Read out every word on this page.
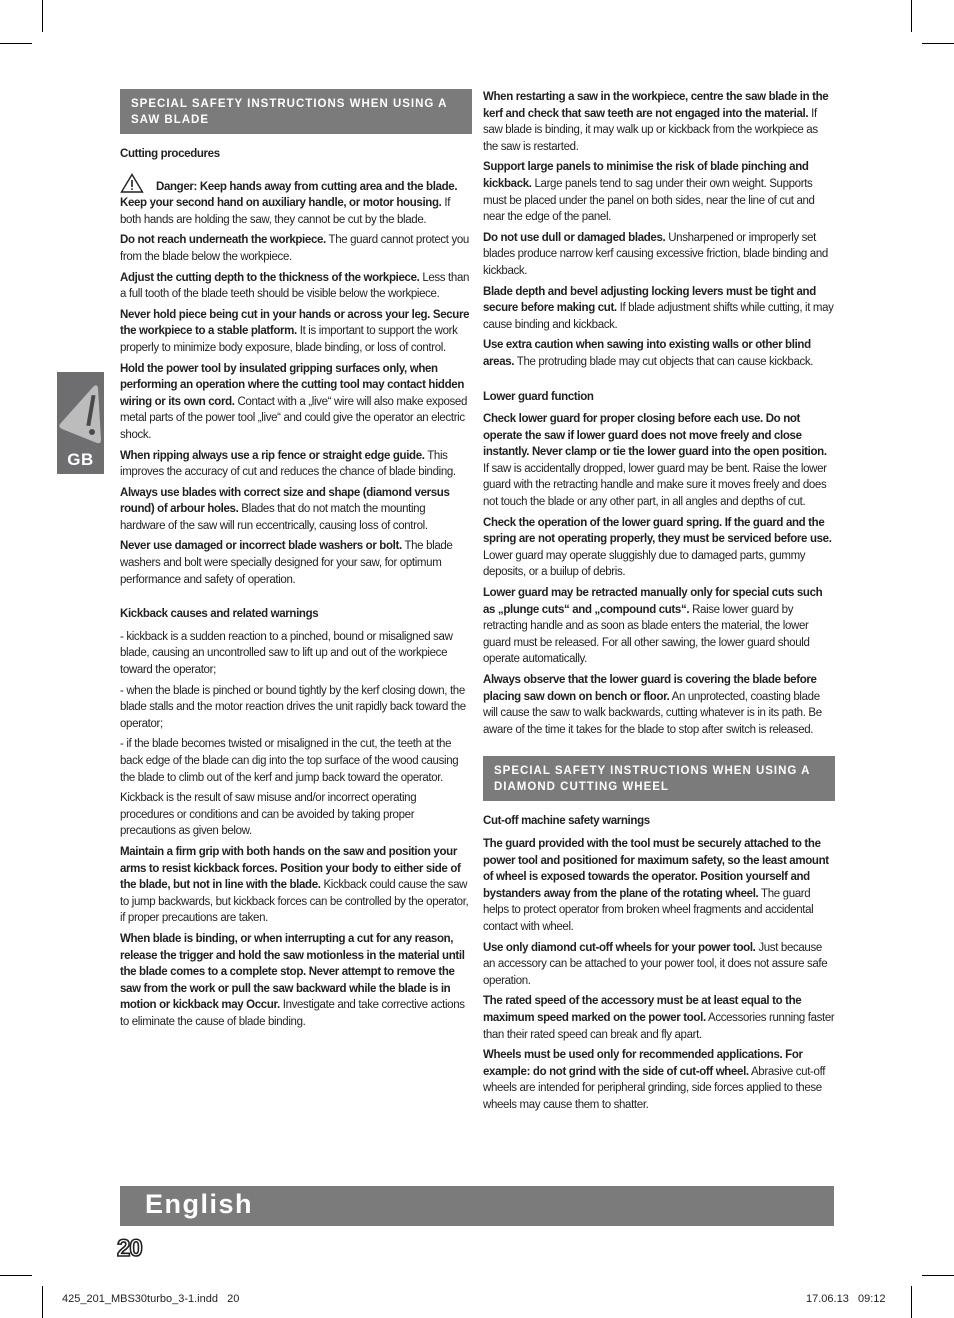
GB
SPECIAL SAFETY INSTRUCTIONS WHEN USING A SAW BLADE
Cutting procedures

Danger: Keep hands away from cutting area and the blade. Keep your second hand on auxiliary handle, or motor housing. If both hands are holding the saw, they cannot be cut by the blade.

Do not reach underneath the workpiece. The guard cannot protect you from the blade below the workpiece.

Adjust the cutting depth to the thickness of the workpiece. Less than a full tooth of the blade teeth should be visible below the workpiece.

Never hold piece being cut in your hands or across your leg. Secure the workpiece to a stable platform. It is important to support the work properly to minimize body exposure, blade binding, or loss of control.

Hold the power tool by insulated gripping surfaces only, when performing an operation where the cutting tool may contact hidden wiring or its own cord. Contact with a „live“ wire will also make exposed metal parts of the power tool „live“ and could give the operator an electric shock.

When ripping always use a rip fence or straight edge guide. This improves the accuracy of cut and reduces the chance of blade binding.

Always use blades with correct size and shape (diamond versus round) of arbour holes. Blades that do not match the mounting hardware of the saw will run eccentrically, causing loss of control.

Never use damaged or incorrect blade washers or bolt. The blade washers and bolt were specially designed for your saw, for optimum performance and safety of operation.

Kickback causes and related warnings

- kickback is a sudden reaction to a pinched, bound or misaligned saw blade, causing an uncontrolled saw to lift up and out of the workpiece toward the operator;

- when the blade is pinched or bound tightly by the kerf closing down, the blade stalls and the motor reaction drives the unit rapidly back toward the operator;

- if the blade becomes twisted or misaligned in the cut, the teeth at the back edge of the blade can dig into the top surface of the wood causing the blade to climb out of the kerf and jump back toward the operator.

Kickback is the result of saw misuse and/or incorrect operating procedures or conditions and can be avoided by taking proper precautions as given below.

Maintain a firm grip with both hands on the saw and position your arms to resist kickback forces. Position your body to either side of the blade, but not in line with the blade. Kickback could cause the saw to jump backwards, but kickback forces can be controlled by the operator, if proper precautions are taken.

When blade is binding, or when interrupting a cut for any reason, release the trigger and hold the saw motionless in the material until the blade comes to a complete stop. Never attempt to remove the saw from the work or pull the saw backward while the blade is in motion or kickback may Occur. Investigate and take corrective actions to eliminate the cause of blade binding.

When restarting a saw in the workpiece, centre the saw blade in the kerf and check that saw teeth are not engaged into the material. If saw blade is binding, it may walk up or kickback from the workpiece as the saw is restarted.

Support large panels to minimise the risk of blade pinching and kickback. Large panels tend to sag under their own weight. Supports must be placed under the panel on both sides, near the line of cut and near the edge of the panel.

Do not use dull or damaged blades. Unsharpened or improperly set blades produce narrow kerf causing excessive friction, blade binding and kickback.

Blade depth and bevel adjusting locking levers must be tight and secure before making cut. If blade adjustment shifts while cutting, it may cause binding and kickback.

Use extra caution when sawing into existing walls or other blind areas. The protruding blade may cut objects that can cause kickback.

Lower guard function

Check lower guard for proper closing before each use. Do not operate the saw if lower guard does not move freely and close instantly. Never clamp or tie the lower guard into the open position. If saw is accidentally dropped, lower guard may be bent. Raise the lower guard with the retracting handle and make sure it moves freely and does not touch the blade or any other part, in all angles and depths of cut.

Check the operation of the lower guard spring. If the guard and the spring are not operating properly, they must be serviced before use. Lower guard may operate sluggishly due to damaged parts, gummy deposits, or a builup of debris.

Lower guard may be retracted manually only for special cuts such as „plunge cuts“ and „compound cuts“. Raise lower guard by retracting handle and as soon as blade enters the material, the lower guard must be released. For all other sawing, the lower guard should operate automatically.

Always observe that the lower guard is covering the blade before placing saw down on bench or floor. An unprotected, coasting blade will cause the saw to walk backwards, cutting whatever is in its path. Be aware of the time it takes for the blade to stop after switch is released.

SPECIAL SAFETY INSTRUCTIONS WHEN USING A DIAMOND CUTTING WHEEL
Cut-off machine safety warnings

The guard provided with the tool must be securely attached to the power tool and positioned for maximum safety, so the least amount of wheel is exposed towards the operator. Position yourself and bystanders away from the plane of the rotating wheel. The guard helps to protect operator from broken wheel fragments and accidental contact with wheel.

Use only diamond cut-off wheels for your power tool. Just because an accessory can be attached to your power tool, it does not assure safe operation.

The rated speed of the accessory must be at least equal to the maximum speed marked on the power tool. Accessories running faster than their rated speed can break and fly apart.

Wheels must be used only for recommended applications. For example: do not grind with the side of cut-off wheel. Abrasive cut-off wheels are intended for peripheral grinding, side forces applied to these wheels may cause them to shatter.

English
20
425_201_MBS30turbo_3-1.indd   20	17.06.13   09:12
